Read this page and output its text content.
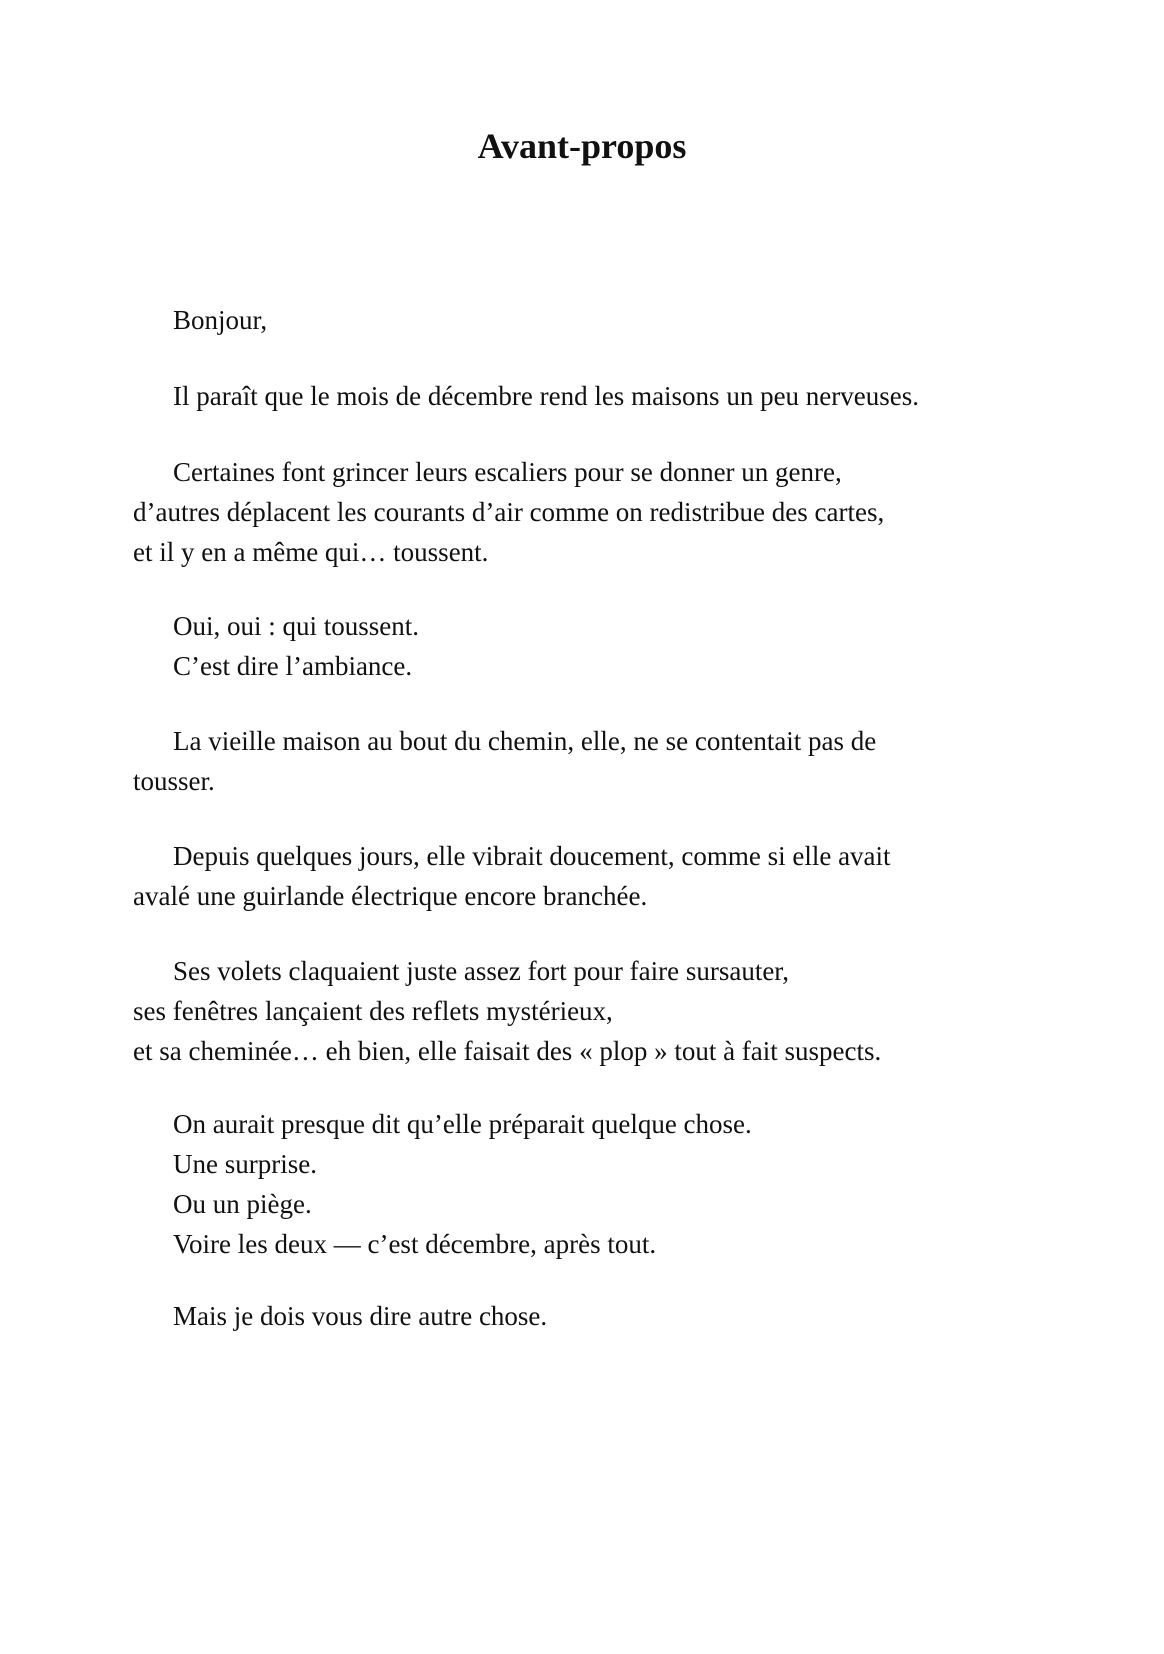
Avant-propos

Bonjour,

Il paraît que le mois de décembre rend les maisons un peu nerveuses.

Certaines font grincer leurs escaliers pour se donner un genre,
d’autres déplacent les courants d’air comme on redistribue des cartes,
et il y en a même qui… toussent.

Oui, oui : qui toussent.
C’est dire l’ambiance.

La vieille maison au bout du chemin, elle, ne se contentait pas de
tousser.

Depuis quelques jours, elle vibrait doucement, comme si elle avait
avalé une guirlande électrique encore branchée.

Ses volets claquaient juste assez fort pour faire sursauter,
ses fenêtres lançaient des reflets mystérieux,
et sa cheminée… eh bien, elle faisait des « plop » tout à fait suspects.

On aurait presque dit qu’elle préparait quelque chose.
Une surprise.
Ou un piège.
Voire les deux — c’est décembre, après tout.

Mais je dois vous dire autre chose.
